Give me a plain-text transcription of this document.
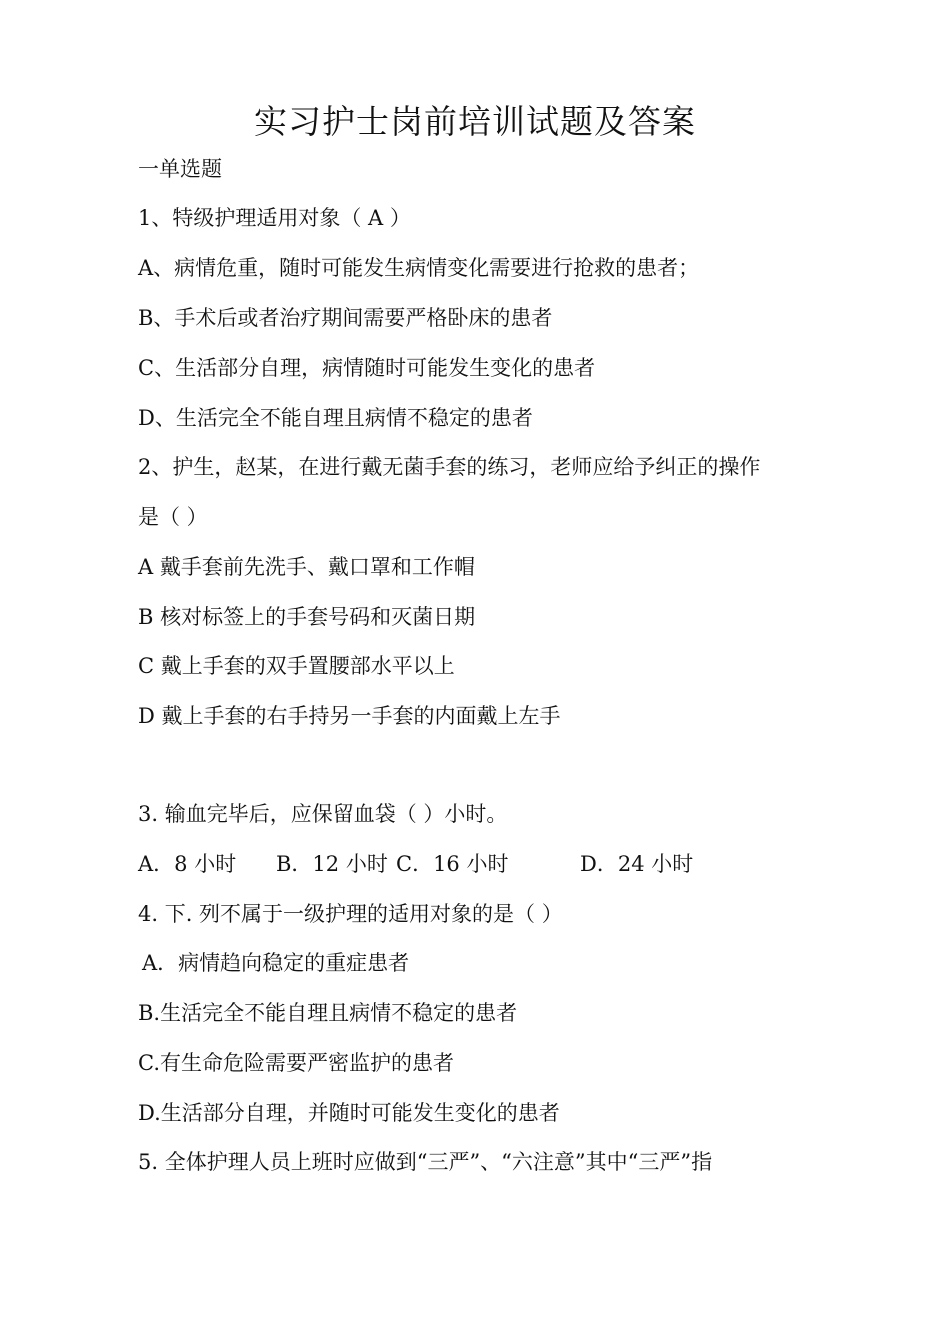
实习护士岗前培训试题及答案
一单选题
1、特级护理适用对象（ A ）
A、病情危重，随时可能发生病情变化需要进行抢救的患者；
B、手术后或者治疗期间需要严格卧床的患者
C、生活部分自理，病情随时可能发生变化的患者
D、生活完全不能自理且病情不稳定的患者
2、护生，赵某，在进行戴无菌手套的练习，老师应给予纠正的操作
是（ ）
A 戴手套前先洗手、戴口罩和工作帽
B 核对标签上的手套号码和灭菌日期
C 戴上手套的双手置腰部水平以上
D 戴上手套的右手持另一手套的内面戴上左手
3. 输血完毕后，应保留血袋（ ）小时。
A．8 小时 B．12 小时 C．16 小时	D．24 小时
4. 下. 列不属于一级护理的适用对象的是（ ）
A．病情趋向稳定的重症患者
B.生活完全不能自理且病情不稳定的患者
C.有生命危险需要严密监护的患者
D.生活部分自理，并随时可能发生变化的患者
5. 全体护理人员上班时应做到“三严”、“六注意”其中“三严”指
